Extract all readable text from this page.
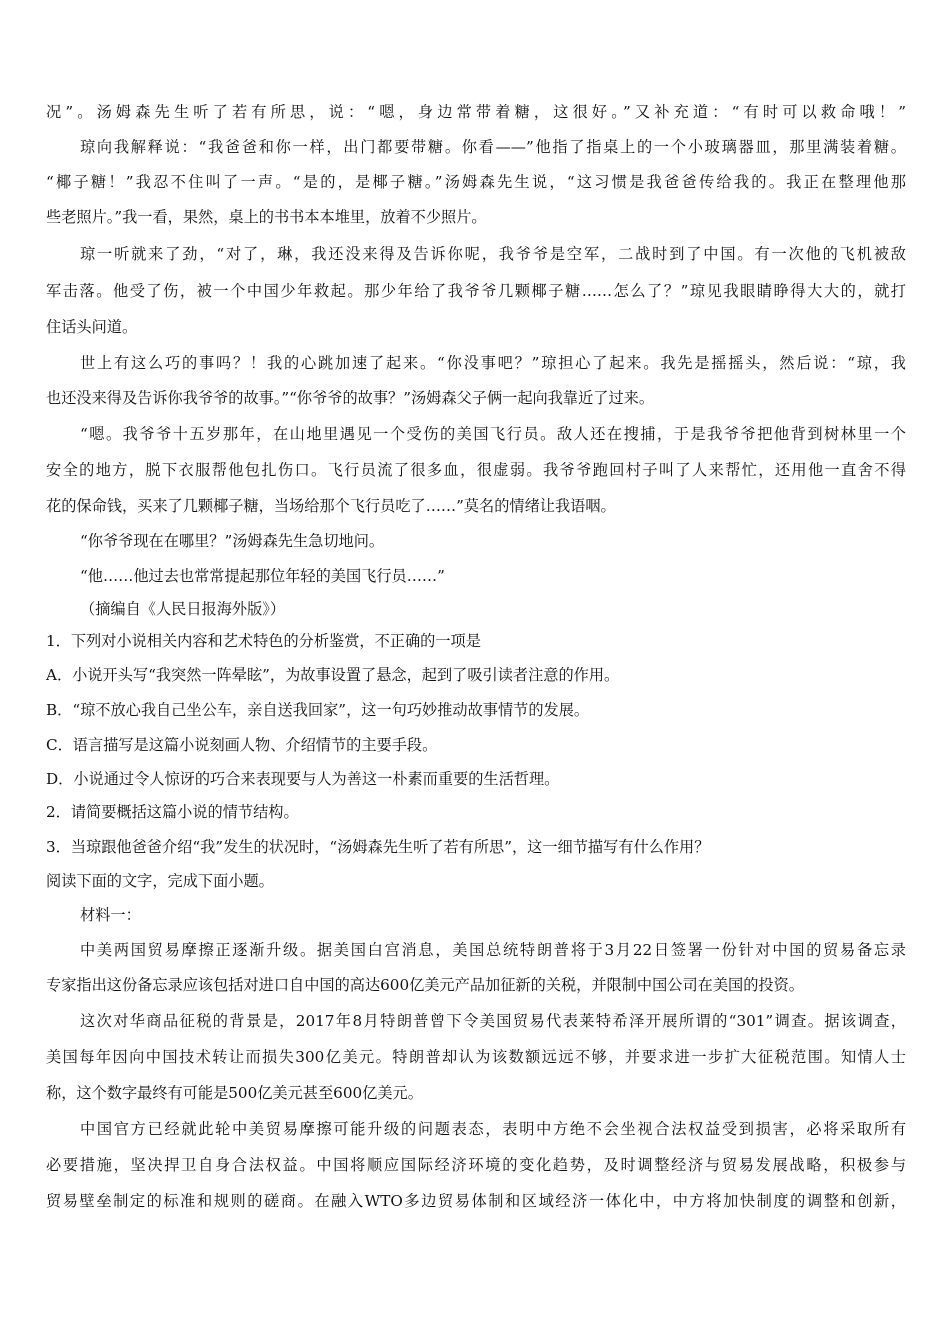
况”。汤姆森先生听了若有所思，说：“嗯，身边常带着糖，这很好。”又补充道：“有时可以救命哦！”
琼向我解释说：“我爸爸和你一样，出门都要带糖。你看——”他指了指桌上的一个小玻璃器皿，那里满装着糖。
“椰子糖！”我忍不住叫了一声。“是的，是椰子糖。”汤姆森先生说，“这习惯是我爸爸传给我的。我正在整理他那
些老照片。”我一看，果然，桌上的书书本本堆里，放着不少照片。
琼一听就来了劲，“对了，琳，我还没来得及告诉你呢，我爷爷是空军，二战时到了中国。有一次他的飞机被敌
军击落。他受了伤，被一个中国少年救起。那少年给了我爷爷几颗椰子糖……怎么了？”琼见我眼睛睁得大大的，就打
住话头问道。
世上有这么巧的事吗？！我的心跳加速了起来。“你没事吧？”琼担心了起来。我先是摇摇头，然后说：“琼，我
也还没来得及告诉你我爷爷的故事。”“你爷爷的故事？”汤姆森父子俩一起向我靠近了过来。
“嗯。我爷爷十五岁那年，在山地里遇见一个受伤的美国飞行员。敌人还在搜捕，于是我爷爷把他背到树林里一个
安全的地方，脱下衣服帮他包扎伤口。飞行员流了很多血，很虚弱。我爷爷跑回村子叫了人来帮忙，还用他一直舍不得
花的保命钱，买来了几颗椰子糖，当场给那个飞行员吃了……”莫名的情绪让我语咽。
“你爷爷现在在哪里？”汤姆森先生急切地问。
“他……他过去也常常提起那位年轻的美国飞行员……”
（摘编自《人民日报海外版》）
1．下列对小说相关内容和艺术特色的分析鉴赏，不正确的一项是
A．小说开头写“我突然一阵晕眩”，为故事设置了悬念，起到了吸引读者注意的作用。
B．“琼不放心我自己坐公车，亲自送我回家”，这一句巧妙推动故事情节的发展。
C．语言描写是这篇小说刻画人物、介绍情节的主要手段。
D．小说通过令人惊讶的巧合来表现要与人为善这一朴素而重要的生活哲理。
2．请简要概括这篇小说的情节结构。
3．当琼跟他爸爸介绍“我”发生的状况时，“汤姆森先生听了若有所思”，这一细节描写有什么作用？
阅读下面的文字，完成下面小题。
材料一：
中美两国贸易摩擦正逐渐升级。据美国白宫消息，美国总统特朗普将于3月22日签署一份针对中国的贸易备忘录
专家指出这份备忘录应该包括对进口自中国的高达600亿美元产品加征新的关税，并限制中国公司在美国的投资。
这次对华商品征税的背景是，2017年8月特朗普曾下令美国贸易代表莱特希泽开展所谓的“301”调查。据该调查，
美国每年因向中国技术转让而损失300亿美元。特朗普却认为该数额远远不够，并要求进一步扩大征税范围。知情人士
称，这个数字最终有可能是500亿美元甚至600亿美元。
中国官方已经就此轮中美贸易摩擦可能升级的问题表态，表明中方绝不会坐视合法权益受到损害，必将采取所有
必要措施，坚决捍卫自身合法权益。中国将顺应国际经济环境的变化趋势，及时调整经济与贸易发展战略，积极参与
贸易壁垒制定的标准和规则的磋商。在融入WTO多边贸易体制和区域经济一体化中，中方将加快制度的调整和创新，
